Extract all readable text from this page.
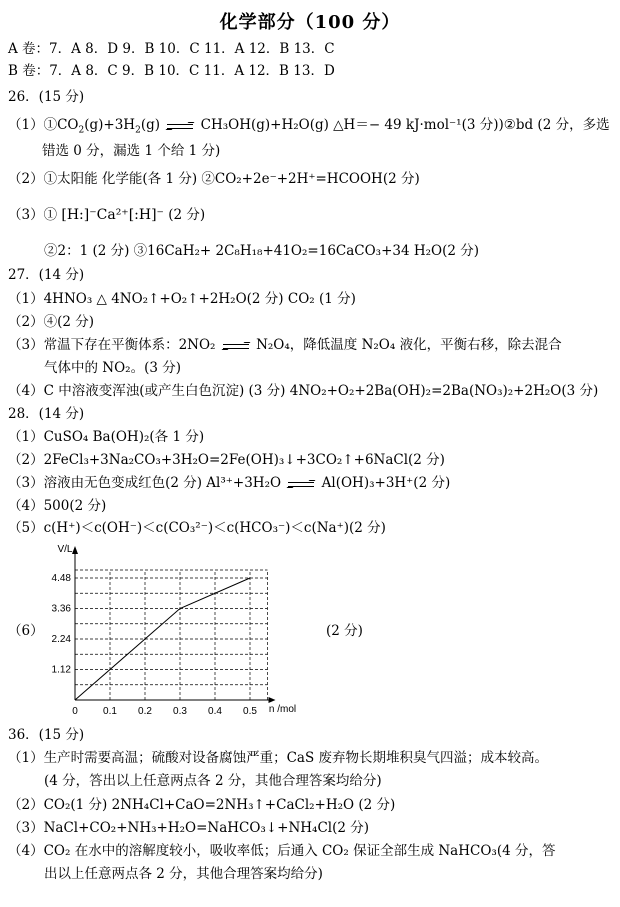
化学部分（100 分）
A 卷：7．A 8．D 9．B 10．C 11．A 12．B 13．C
B 卷：7．A 8．C 9．B 10．C 11．A 12．B 13．D
26．(15 分)
$(1)①CO_2(g)+3H_2(g) \to CH_3OH(g)+H_2O(g)$ △H＝− 49 kJ·mol⁻¹(3 分))②bd (2 分，多选
错选 0 分，漏选 1 个给 1 分)
（2）①太阳能 化学能(各 1 分) ②CO₂+2e⁻+2H⁺=HCOOH(2 分)
（3）① [H:]⁻Ca²⁺[:H]⁻ (2 分)
②2：1 (2 分) ③16CaH₂+ 2C₈H₁₈+41O₂=16CaCO₃+34 H₂O(2 分)
27．(14 分)
（1）4HNO₃ △ 4NO₂↑+O₂↑+2H₂O(2 分) CO₂ (1 分)
（2）④(2 分)
（3）常温下存在平衡体系：2NO₂ → N₂O₄，降低温度 N₂O₄ 液化，平衡右移，除去混合
气体中的 NO₂。(3 分)
（4）C 中溶液变浑浊(或产生白色沉淀) (3 分) 4NO₂+O₂+2Ba(OH)₂=2Ba(NO₃)₂+2H₂O(3 分)
28．(14 分)
（1）CuSO₄ Ba(OH)₂(各 1 分)
（2）2FeCl₃+3Na₂CO₃+3H₂O=2Fe(OH)₃↓+3CO₂↑+6NaCl(2 分)
（3）溶液由无色变成红色(2 分) Al³⁺+3H₂O → Al(OH)₃+3H⁺(2 分)
（4）500(2 分)
（5）c(H⁺)＜c(OH⁻)＜c(CO₃²⁻)＜c(HCO₃⁻)＜c(Na⁺)(2 分)
（6）	(2 分)
0	0.1 0.2 0.3 0.4 0.5
1.12
2.24
3.36
4.48
V/L
n /mol
36．(15 分)
（1）生产时需要高温；硫酸对设备腐蚀严重；CaS 废弃物长期堆积臭气四溢；成本较高。
(4 分，答出以上任意两点各 2 分，其他合理答案均给分)
（2）CO₂(1 分) 2NH₄Cl+CaO=2NH₃↑+CaCl₂+H₂O (2 分)
（3）NaCl+CO₂+NH₃+H₂O=NaHCO₃↓+NH₄Cl(2 分)
（4）CO₂ 在水中的溶解度较小，吸收率低；后通入 CO₂ 保证全部生成 NaHCO₃(4 分，答
出以上任意两点各 2 分，其他合理答案均给分)
